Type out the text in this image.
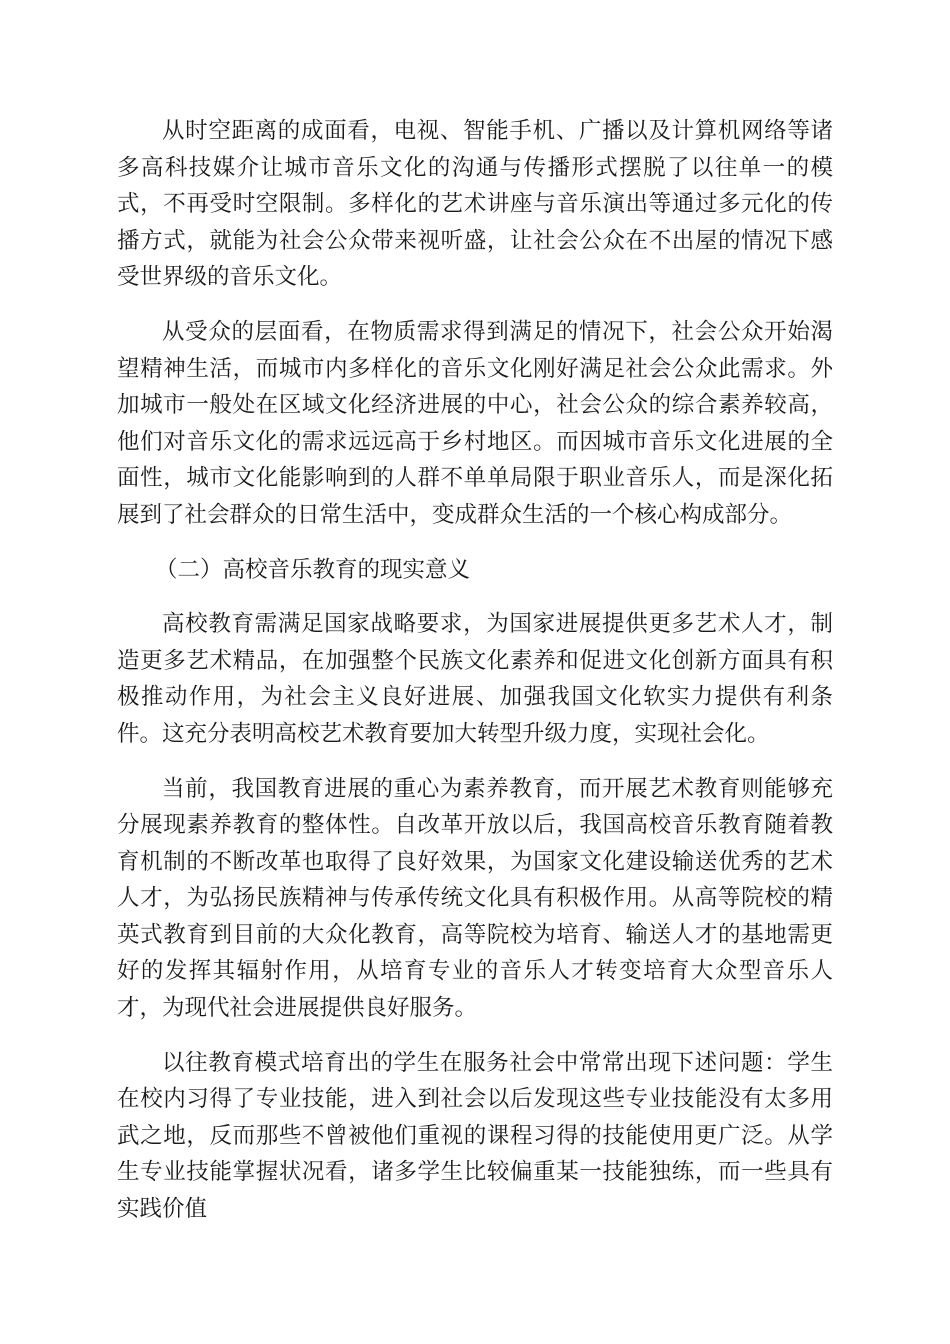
从时空距离的成面看，电视、智能手机、广播以及计算机网络等诸多高科技媒介让城市音乐文化的沟通与传播形式摆脱了以往单一的模式，不再受时空限制。多样化的艺术讲座与音乐演出等通过多元化的传播方式，就能为社会公众带来视听盛，让社会公众在不出屋的情况下感受世界级的音乐文化。

从受众的层面看，在物质需求得到满足的情况下，社会公众开始渴望精神生活，而城市内多样化的音乐文化刚好满足社会公众此需求。外加城市一般处在区域文化经济进展的中心，社会公众的综合素养较高，他们对音乐文化的需求远远高于乡村地区。而因城市音乐文化进展的全面性，城市文化能影响到的人群不单单局限于职业音乐人，而是深化拓展到了社会群众的日常生活中，变成群众生活的一个核心构成部分。

（二）高校音乐教育的现实意义

高校教育需满足国家战略要求，为国家进展提供更多艺术人才，制造更多艺术精品，在加强整个民族文化素养和促进文化创新方面具有积极推动作用，为社会主义良好进展、加强我国文化软实力提供有利条件。这充分表明高校艺术教育要加大转型升级力度，实现社会化。

当前，我国教育进展的重心为素养教育，而开展艺术教育则能够充分展现素养教育的整体性。自改革开放以后，我国高校音乐教育随着教育机制的不断改革也取得了良好效果，为国家文化建设输送优秀的艺术人才，为弘扬民族精神与传承传统文化具有积极作用。从高等院校的精英式教育到目前的大众化教育，高等院校为培育、输送人才的基地需更好的发挥其辐射作用，从培育专业的音乐人才转变培育大众型音乐人才，为现代社会进展提供良好服务。

以往教育模式培育出的学生在服务社会中常常出现下述问题：学生在校内习得了专业技能，进入到社会以后发现这些专业技能没有太多用武之地，反而那些不曾被他们重视的课程习得的技能使用更广泛。从学生专业技能掌握状况看，诸多学生比较偏重某一技能独练，而一些具有实践价值
